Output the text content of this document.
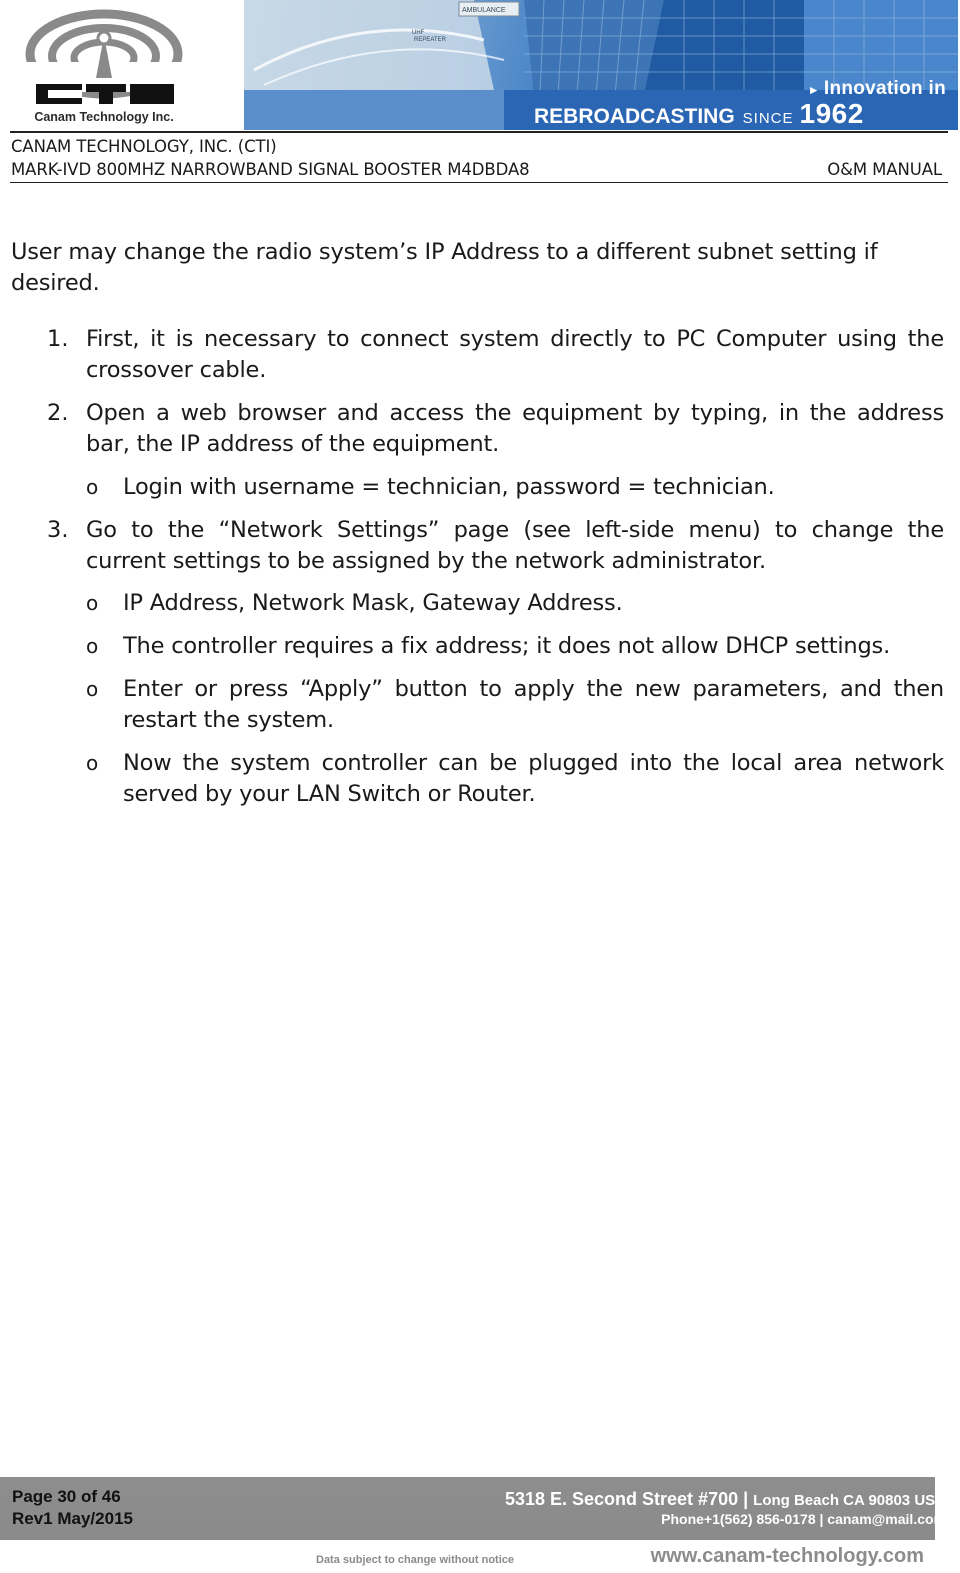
Canam Technology Inc.
AMBULANCE
UHF
REPEATER
► Innovation in
REBROADCASTING SINCE 1962
CANAM TECHNOLOGY, INC. (CTI)
MARK-IVD 800MHZ NARROWBAND SIGNAL BOOSTER M4DBDA8	O&M MANUAL
User may change the radio system’s IP Address to a different subnet setting if desired.
1. First, it is necessary to connect system directly to PC Computer using the crossover cable.
2. Open a web browser and access the equipment by typing, in the address bar, the IP address of the equipment.
o Login with username = technician, password = technician.
3. Go to the “Network Settings” page (see left-side menu) to change the current settings to be assigned by the network administrator.
o IP Address, Network Mask, Gateway Address.
o The controller requires a fix address; it does not allow DHCP settings.
o Enter or press “Apply” button to apply the new parameters, and then restart the system.
o Now the system controller can be plugged into the local area network served by your LAN Switch or Router.
Page 30 of 46
Rev1 May/2015
5318 E. Second Street #700 | Long Beach CA 90803 USA
Phone+1(562) 856-0178 | canam@mail.com
Data subject to change without notice	www.canam-technology.com
